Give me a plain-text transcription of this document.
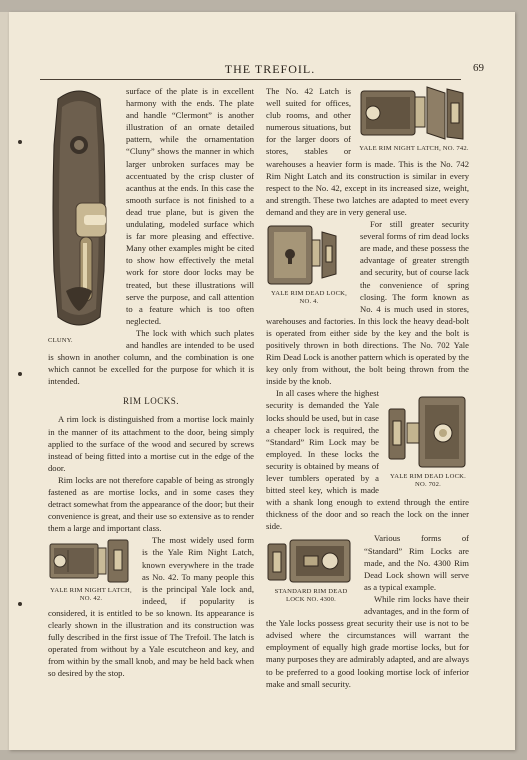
THE TREFOIL.	69
CLUNY.

surface of the plate is in excellent harmony with the ends. The plate and handle “Clermont” is another illustration of an ornate detailed pattern, while the ornamentation “Cluny” shows the manner in which larger unbroken surfaces may be accentuated by the crisp cluster of acanthus at the ends. In this case the smooth surface is not finished to a dead true plane, but is given the undulating, modeled surface which is far more pleasing and effective. Many other examples might be cited to show how effectively the metal work for store door locks may be treated, but these illustrations will serve the purpose, and call attention to a feature which is too often neglected.

The lock with which such plates and handles are intended to be used is shown in another column, and the combination is one which cannot be excelled for the purpose for which it is intended.

RIM LOCKS.

A rim lock is distinguished from a mortise lock mainly in the manner of its attachment to the door, being simply applied to the surface of the wood and secured by screws instead of being fitted into a mortise cut in the edge of the door.

Rim locks are not therefore capable of being as strongly fastened as are mortise locks, and in some cases they detract somewhat from the appearance of the door; but their convenience is great, and their use so extensive as to render them a large and important class.

YALE RIM NIGHT LATCH, NO. 42.

The most widely used form is the Yale Rim Night Latch, known everywhere in the trade as No. 42. To many people this is the principal Yale lock and, indeed, if popularity is considered, it is entitled to be so known. Its appearance is clearly shown in the illustration and its construction was fully described in the first issue of The Trefoil. The latch is operated from without by a Yale escutcheon and key, and from within by the small knob, and may be held back when so desired by the stop.

YALE RIM NIGHT LATCH, NO. 742.

The No. 42 Latch is well suited for offices, club rooms, and other numerous situations, but for the larger doors of stores, stables or warehouses a heavier form is made. This is the No. 742 Rim Night Latch and its construction is similar in every respect to the No. 42, except in its increased size, weight, and strength. These two latches are adapted to meet every demand and they are in very general use.

YALE RIM DEAD LOCK, NO. 4.

For still greater security several forms of rim dead locks are made, and these possess the advantage of greater strength and security, but of course lack the convenience of spring closing. The form known as No. 4 is much used in stores, warehouses and factories. In this lock the heavy dead-bolt is operated from either side by the key and the bolt is positively thrown in both directions. The No. 702 Yale Rim Dead Lock is another pattern which is operated by the key only from without, the bolt being thrown from the inside by the knob.

YALE RIM DEAD LOCK. NO. 702.

In all cases where the highest security is demanded the Yale locks should be used, but in case a cheaper lock is required, the “Standard” Rim Lock may be employed. In these locks the security is obtained by means of lever tumblers operated by a bitted steel key, which is made with a shank long enough to extend through the entire thickness of the door and so reach the lock on the inner side.

STANDARD RIM DEAD LOCK NO. 4300.

Various forms of “Standard” Rim Locks are made, and the No. 4300 Rim Dead Lock shown will serve as a typical example.

While rim locks have their advantages, and in the form of the Yale locks possess great security their use is not to be advised where the circumstances will warrant the employment of equally high grade mortise locks, but for many purposes they are admirably adapted, and are always to be preferred to a good looking mortise lock of inferior make and small security.
